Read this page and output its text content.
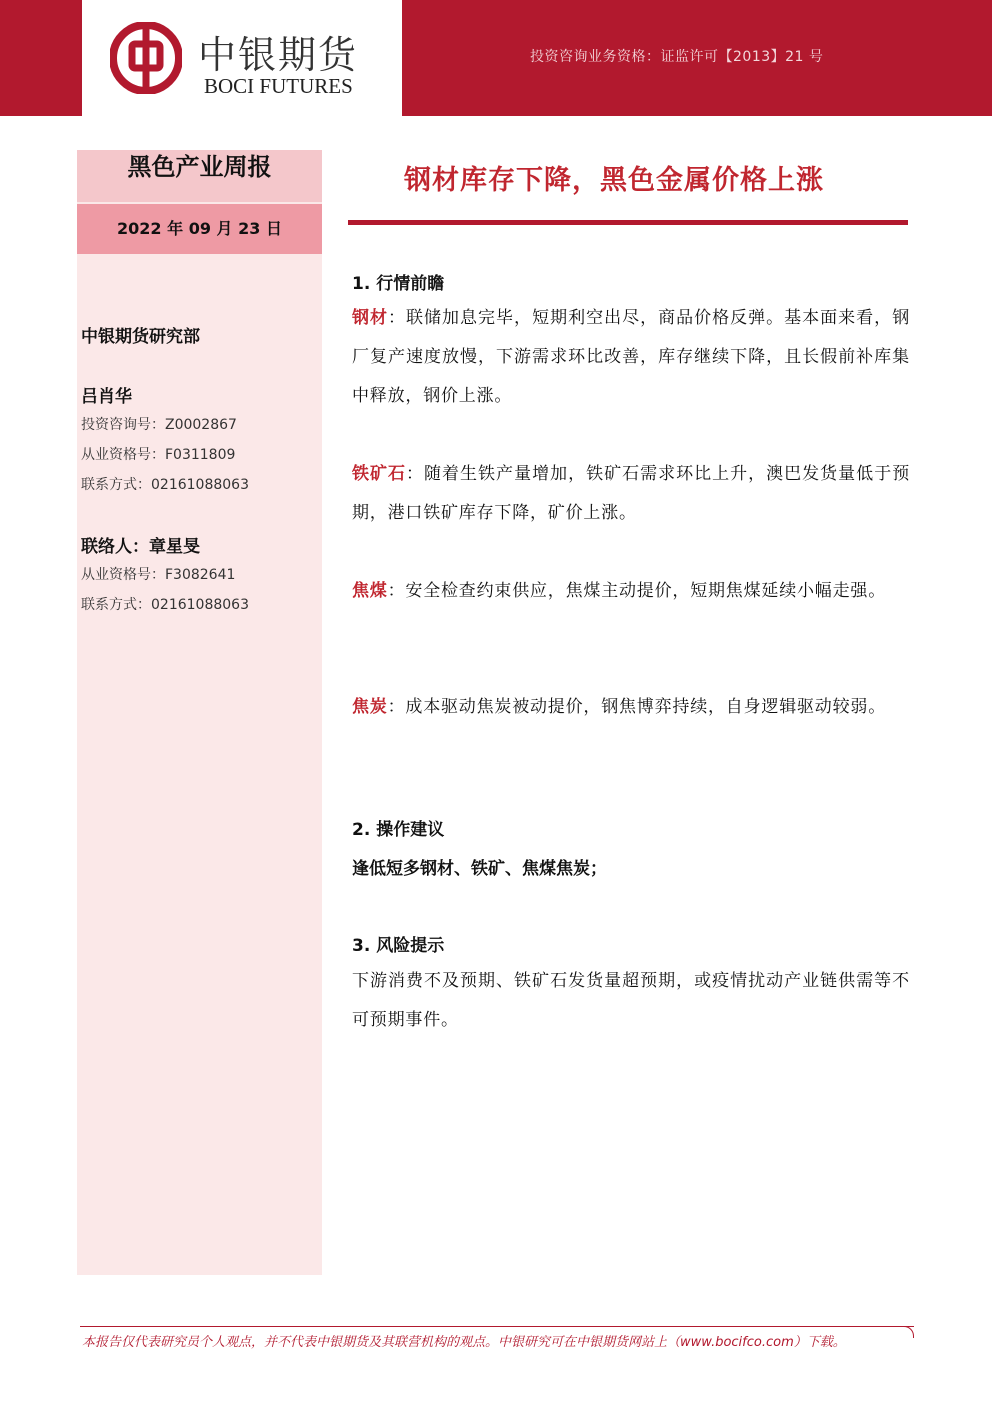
投资咨询业务资格：证监许可【2013】21 号
中银期货
BOCI FUTURES
黑色产业周报
2022 年 09 月 23 日
中银期货研究部
吕肖华
投资咨询号：Z0002867
从业资格号：F0311809
联系方式：02161088063
联络人：章星旻
从业资格号：F3082641
联系方式：02161088063
钢材库存下降，黑色金属价格上涨
1. 行情前瞻
钢材：联储加息完毕，短期利空出尽，商品价格反弹。基本面来看，钢厂复产速度放慢，下游需求环比改善，库存继续下降，且长假前补库集中释放，钢价上涨。
铁矿石：随着生铁产量增加，铁矿石需求环比上升，澳巴发货量低于预期，港口铁矿库存下降，矿价上涨。
焦煤：安全检查约束供应，焦煤主动提价，短期焦煤延续小幅走强。
焦炭：成本驱动焦炭被动提价，钢焦博弈持续，自身逻辑驱动较弱。
2. 操作建议
逢低短多钢材、铁矿、焦煤焦炭；
3. 风险提示
下游消费不及预期、铁矿石发货量超预期，或疫情扰动产业链供需等不可预期事件。
本报告仅代表研究员个人观点，并不代表中银期货及其联营机构的观点。中银研究可在中银期货网站上（www.bocifco.com）下载。
